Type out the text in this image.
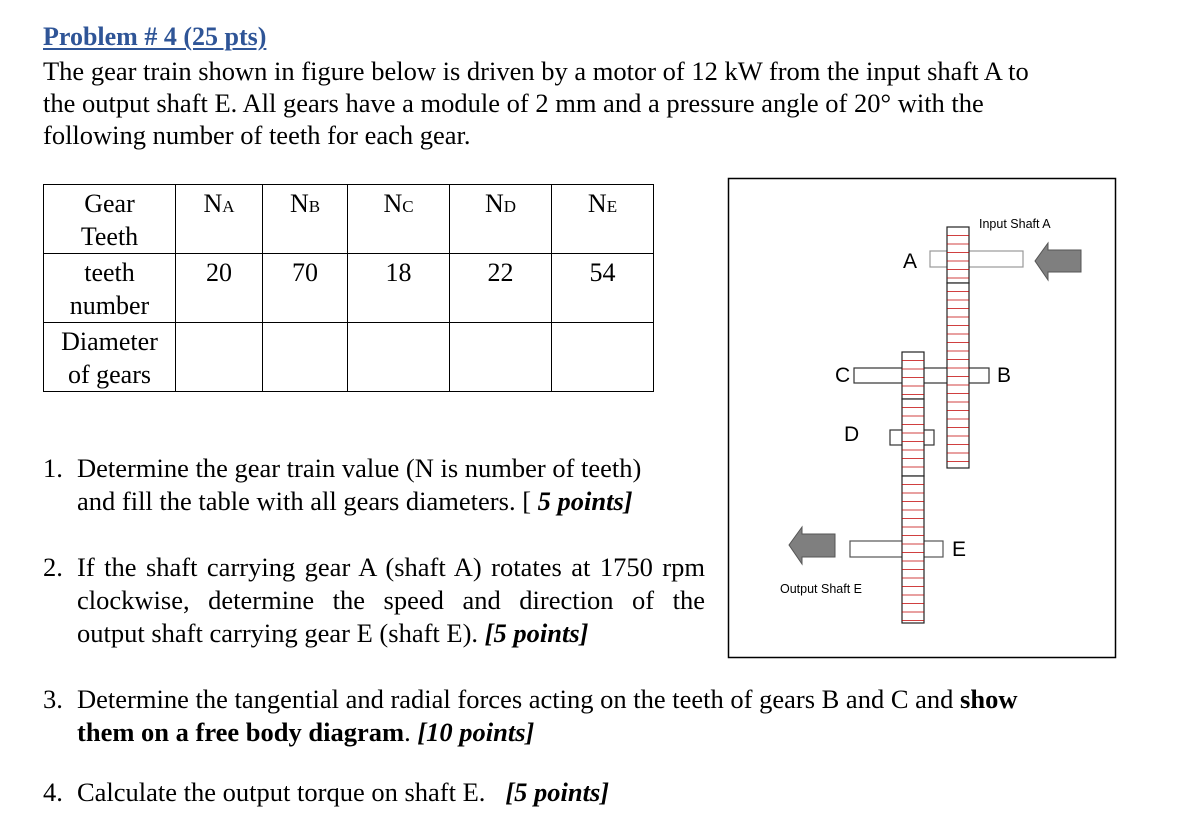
Problem # 4 (25 pts)
The gear train shown in figure below is driven by a motor of 12 kW from the input shaft A to
the output shaft E. All gears have a module of 2 mm and a pressure angle of 20° with the
following number of teeth for each gear.
Gear
Teeth	NA	NB	NC	ND	NE
teeth
number	20	70	18	22	54
Diameter
of gears					
1. Determine the gear train value (N is number of teeth)
and fill the table with all gears diameters. [ 5 points]
2. If the shaft carrying gear A (shaft A) rotates at 1750 rpm
clockwise, determine the speed and direction of the
output shaft carrying gear E (shaft E). [5 points]
3. Determine the tangential and radial forces acting on the teeth of gears B and C and show
them on a free body diagram. [10 points]
4. Calculate the output torque on shaft E. [5 points]
Input Shaft A
Output Shaft E
A
B
C
D
E
